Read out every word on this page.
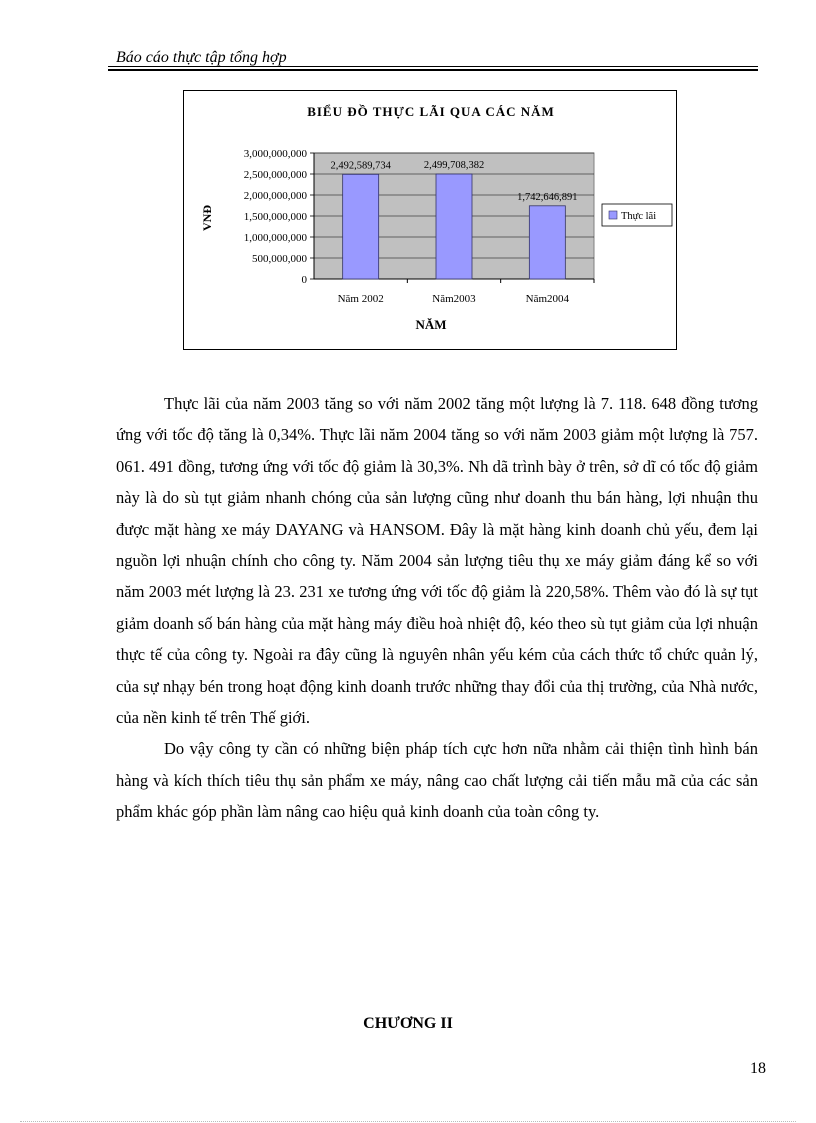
Báo cáo thực tập tổng hợp
BIỂU ĐỒ THỰC LÃI QUA CÁC NĂM
0
500,000,000
1,000,000,000
1,500,000,000
2,000,000,000
2,500,000,000
3,000,000,000
2,492,589,734
Năm 2002
2,499,708,382
Năm2003
1,742,646,891
Năm2004
NĂM
VNĐ	Thực lãi

Thực lãi của năm 2003 tăng so với năm 2002 tăng một lượng là 7. 118. 648 đồng tương ứng với tốc độ tăng là 0,34%. Thực lãi năm 2004 tăng so với năm 2003 giảm một lượng là 757. 061. 491 đồng, tương ứng với tốc độ giảm là 30,3%. Nh dã trình bày ở trên, sở dĩ có tốc độ giảm này là do sù tụt giảm nhanh chóng của sản lượng cũng như doanh thu bán hàng, lợi nhuận thu được mặt hàng xe máy DAYANG và HANSOM. Đây là mặt hàng kinh doanh chủ yếu, đem lại nguồn lợi nhuận chính cho công ty. Năm 2004 sản lượng tiêu thụ xe máy giảm đáng kể so với năm 2003 mét lượng là 23. 231 xe tương ứng với tốc độ giảm là 220,58%. Thêm vào đó là sự tụt giảm doanh số bán hàng của mặt hàng máy điều hoà nhiệt độ, kéo theo sù tụt giảm của lợi nhuận thực tế của công ty. Ngoài ra đây cũng là nguyên nhân yếu kém của cách thức tổ chức quản lý, của sự nhạy bén trong hoạt động kinh doanh trước những thay đổi của thị trường, của Nhà nước, của nền kinh tế trên Thế giới.

Do vậy công ty cần có những biện pháp tích cực hơn nữa nhằm cải thiện tình hình bán hàng và kích thích tiêu thụ sản phẩm xe máy, nâng cao chất lượng cải tiến mẫu mã của các sản phẩm khác góp phần làm nâng cao hiệu quả kinh doanh của toàn công ty.

CHƯƠNG II
18
